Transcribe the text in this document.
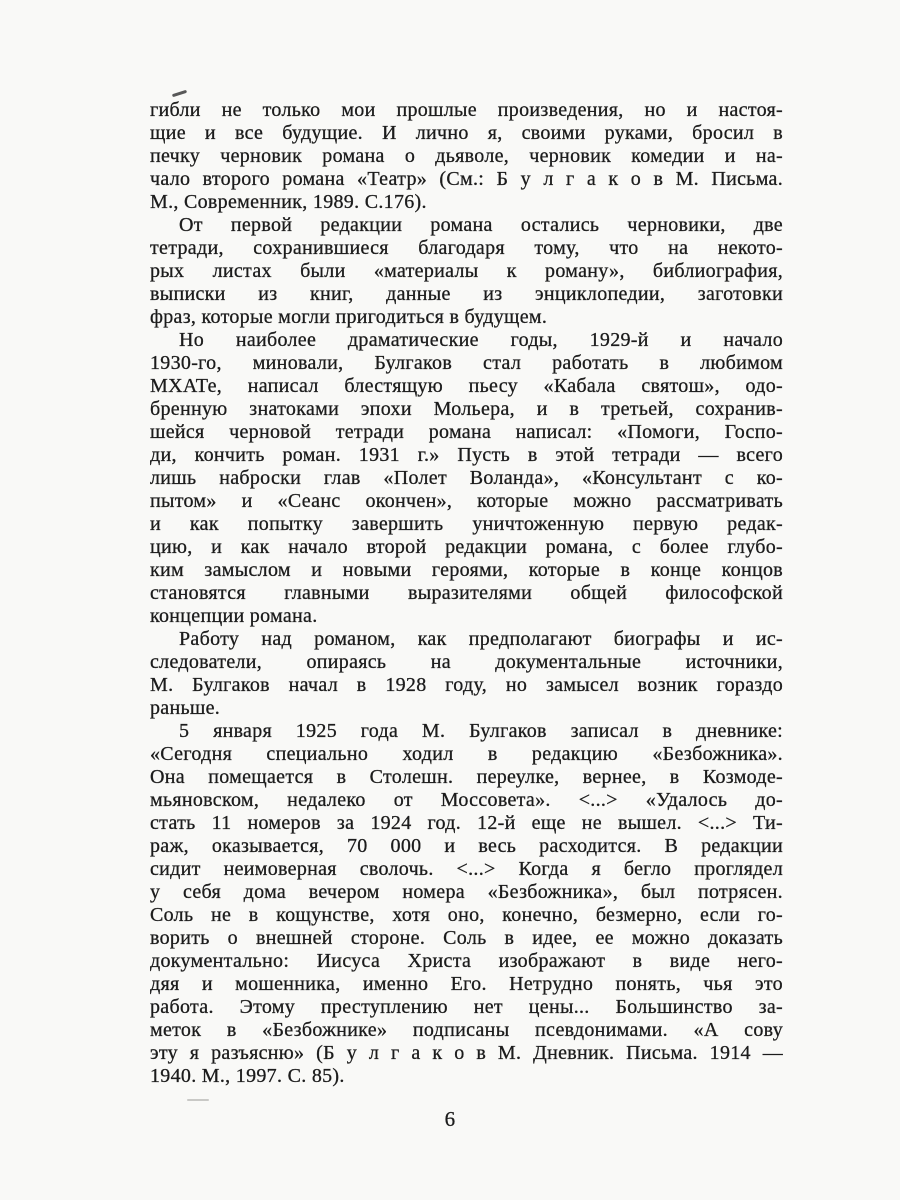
гибли не только мои прошлые произведения, но и настоя-
щие и все будущие. И лично я, своими руками, бросил в
печку черновик романа о дьяволе, черновик комедии и на-
чало второго романа «Театр» (См.: Б у л г а к о в М. Письма.
М., Современник, 1989. С.176).
От первой редакции романа остались черновики, две
тетради, сохранившиеся благодаря тому, что на некото-
рых листах были «материалы к роману», библиография,
выписки из книг, данные из энциклопедии, заготовки
фраз, которые могли пригодиться в будущем.
Но наиболее драматические годы, 1929-й и начало
1930-го, миновали, Булгаков стал работать в любимом
МХАТе, написал блестящую пьесу «Кабала святош», одо-
бренную знатоками эпохи Мольера, и в третьей, сохранив-
шейся черновой тетради романа написал: «Помоги, Госпо-
ди, кончить роман. 1931 г.» Пусть в этой тетради — всего
лишь наброски глав «Полет Воланда», «Консультант с ко-
пытом» и «Сеанс окончен», которые можно рассматривать
и как попытку завершить уничтоженную первую редак-
цию, и как начало второй редакции романа, с более глубо-
ким замыслом и новыми героями, которые в конце концов
становятся главными выразителями общей философской
концепции романа.
Работу над романом, как предполагают биографы и ис-
следователи, опираясь на документальные источники,
М. Булгаков начал в 1928 году, но замысел возник гораздо
раньше.
5 января 1925 года М. Булгаков записал в дневнике:
«Сегодня специально ходил в редакцию «Безбожника».
Она помещается в Столешн. переулке, вернее, в Козмоде-
мьяновском, недалеко от Моссовета». <...> «Удалось до-
стать 11 номеров за 1924 год. 12-й еще не вышел. <...> Ти-
раж, оказывается, 70 000 и весь расходится. В редакции
сидит неимоверная сволочь. <...> Когда я бегло проглядел
у себя дома вечером номера «Безбожника», был потрясен.
Соль не в кощунстве, хотя оно, конечно, безмерно, если го-
ворить о внешней стороне. Соль в идее, ее можно доказать
документально: Иисуса Христа изображают в виде него-
дяя и мошенника, именно Его. Нетрудно понять, чья это
работа. Этому преступлению нет цены... Большинство за-
меток в «Безбожнике» подписаны псевдонимами. «А сову
эту я разъясню» (Б у л г а к о в М. Дневник. Письма. 1914 —
1940. М., 1997. С. 85).
6
